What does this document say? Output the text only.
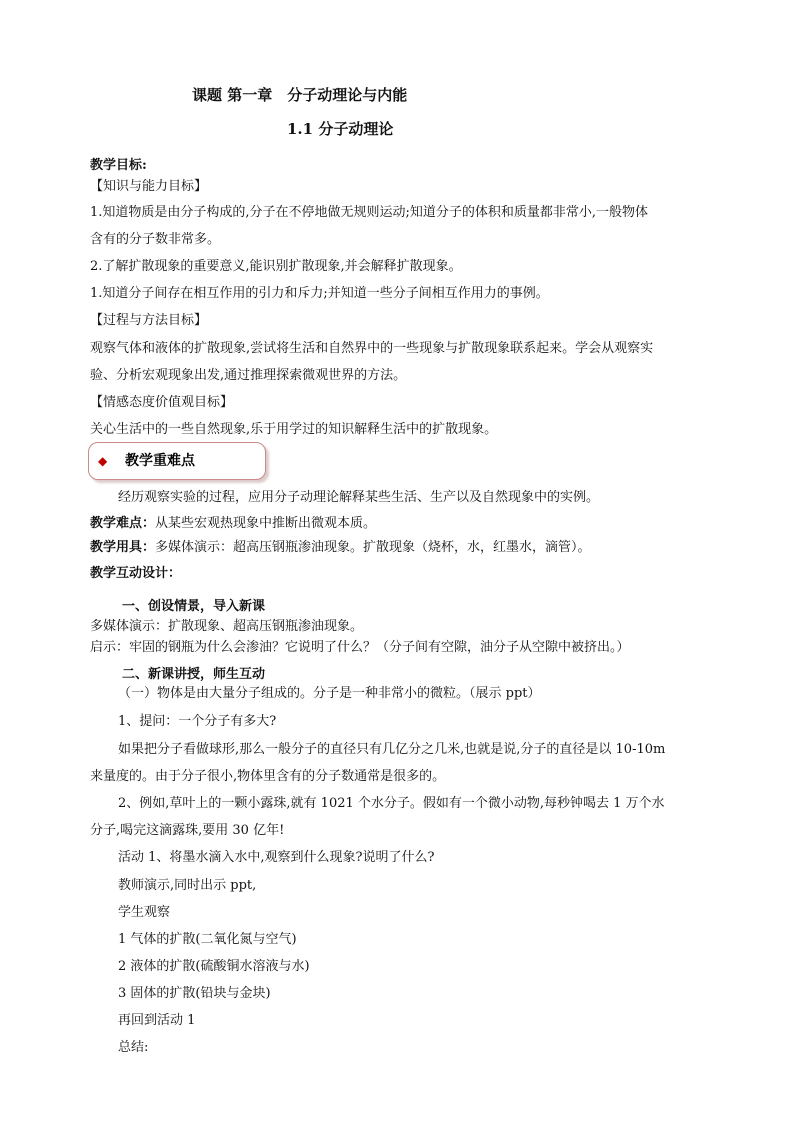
课题 第一章　分子动理论与内能
1.1 分子动理论
教学目标:
【知识与能力目标】
1.知道物质是由分子构成的,分子在不停地做无规则运动;知道分子的体积和质量都非常小,一般物体
含有的分子数非常多。
2.了解扩散现象的重要意义,能识别扩散现象,并会解释扩散现象。
1.知道分子间存在相互作用的引力和斥力;并知道一些分子间相互作用力的事例。
【过程与方法目标】
观察气体和液体的扩散现象,尝试将生活和自然界中的一些现象与扩散现象联系起来。学会从观察实
验、分析宏观现象出发,通过推理探索微观世界的方法。
【情感态度价值观目标】
关心生活中的一些自然现象,乐于用学过的知识解释生活中的扩散现象。
◆ 教学重难点
经历观察实验的过程，应用分子动理论解释某些生活、生产以及自然现象中的实例。
教学难点：从某些宏观热现象中推断出微观本质。
教学用具：多媒体演示：超高压钢瓶渗油现象。扩散现象（烧杯，水，红墨水，滴管）。
教学互动设计：
一、创设情景，导入新课
多媒体演示：扩散现象、超高压钢瓶渗油现象。
启示：牢固的钢瓶为什么会渗油？它说明了什么？（分子间有空隙，油分子从空隙中被挤出。）
二、新课讲授，师生互动
（一）物体是由大量分子组成的。分子是一种非常小的微粒。（展示 ppt）
1、提问：一个分子有多大?
如果把分子看做球形,那么一般分子的直径只有几亿分之几米,也就是说,分子的直径是以 10-10m
来量度的。由于分子很小,物体里含有的分子数通常是很多的。
2、例如,草叶上的一颗小露珠,就有 1021 个水分子。假如有一个微小动物,每秒钟喝去 1 万个水
分子,喝完这滴露珠,要用 30 亿年!
活动 1、将墨水滴入水中,观察到什么现象?说明了什么?
教师演示,同时出示 ppt,
学生观察
1 气体的扩散(二氧化氮与空气)
2 液体的扩散(硫酸铜水溶液与水)
3 固体的扩散(铅块与金块)
再回到活动 1
总结:
